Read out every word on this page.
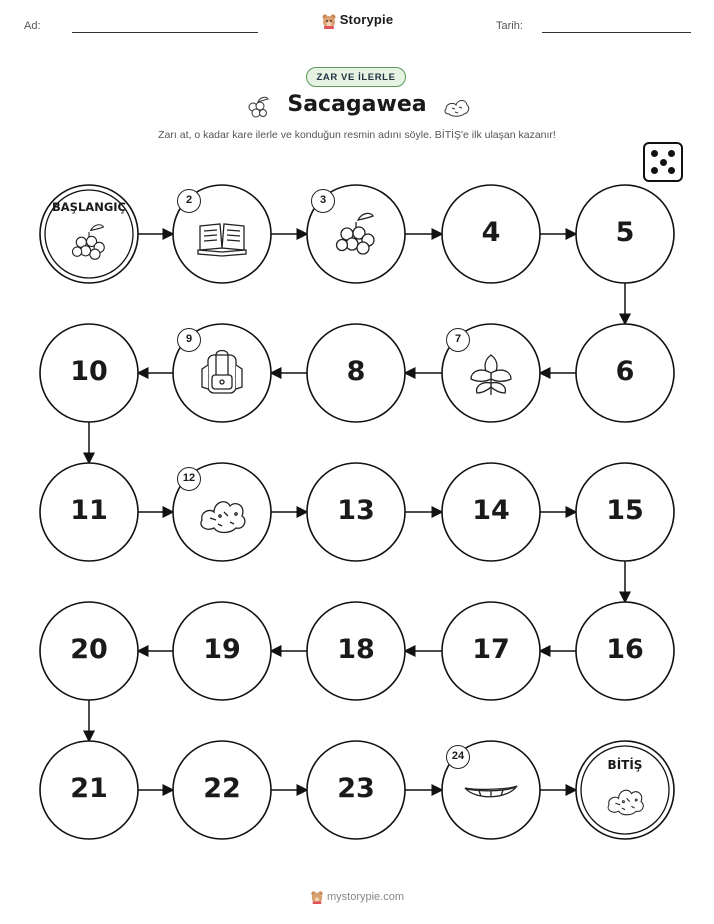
Ad:	Storypie	Tarih:
ZAR VE İLERLE
Sacagawea
Zarı at, o kadar kare ilerle ve konduğun resmin adını söyle. BİTİŞ'e ilk ulaşan kazanır!
BAŞLANGIÇ	2	3
4	5
6
7
8
9
10
11
12
13	14	15
16
17
18
19
20
21	22	23
24
BİTİŞ
mystorypie.com
